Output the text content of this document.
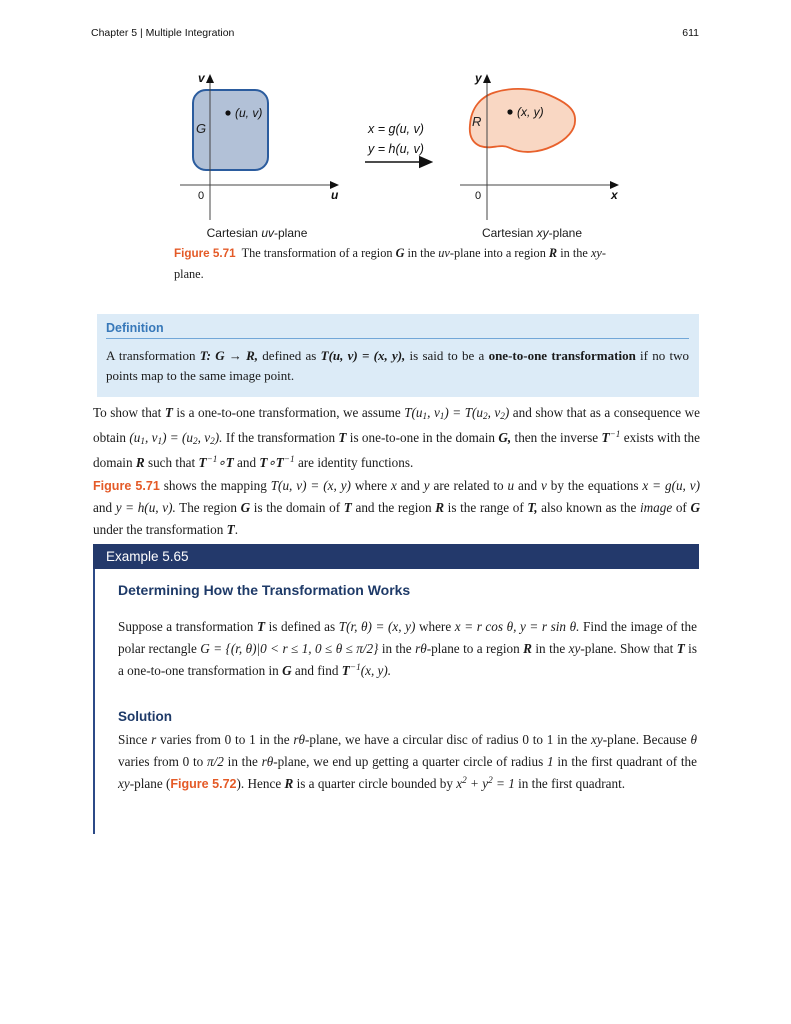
Chapter 5 | Multiple Integration	611
v
u
0
G
(u, v)
x = g(u, v)
y = h(u, v)
y
x
0
R
(x, y)
Cartesian uv-plane	Cartesian xy-plane
Figure 5.71  The transformation of a region G in the uv-plane into a region R in the xy-plane.
Definition
A transformation T: G → R, defined as T(u, v) = (x, y), is said to be a one-to-one transformation if no two points map to the same image point.

To show that T is a one-to-one transformation, we assume T(u1, v1) = T(u2, v2) and show that as a consequence we obtain (u1, v1) = (u2, v2). If the transformation T is one-to-one in the domain G, then the inverse $T^{-1}$ exists with the domain R such that $T^{-1}\circ T$ and $T\circ T^{-1}$ are identity functions.

Figure 5.71 shows the mapping T(u, v) = (x, y) where x and y are related to u and v by the equations x = g(u, v) and y = h(u, v). The region G is the domain of T and the region R is the range of T, also known as the image of G under the transformation T.

Example 5.65
Determining How the Transformation Works

Suppose a transformation T is defined as T(r, θ) = (x, y) where x = r cos θ, y = r sin θ. Find the image of the polar rectangle G = {(r, θ)|0 < r ≤ 1, 0 ≤ θ ≤ π/2} in the rθ-plane to a region R in the xy-plane. Show that T is a one-to-one transformation in G and find $T^{-1}(x$, y).

Solution

Since r varies from 0 to 1 in the rθ-plane, we have a circular disc of radius 0 to 1 in the xy-plane. Because θ varies from 0 to π/2 in the rθ-plane, we end up getting a quarter circle of radius 1 in the first quadrant of the xy-plane (Figure 5.72). Hence R is a quarter circle bounded by $x^2 + y^2 = 1$ in the first quadrant.
